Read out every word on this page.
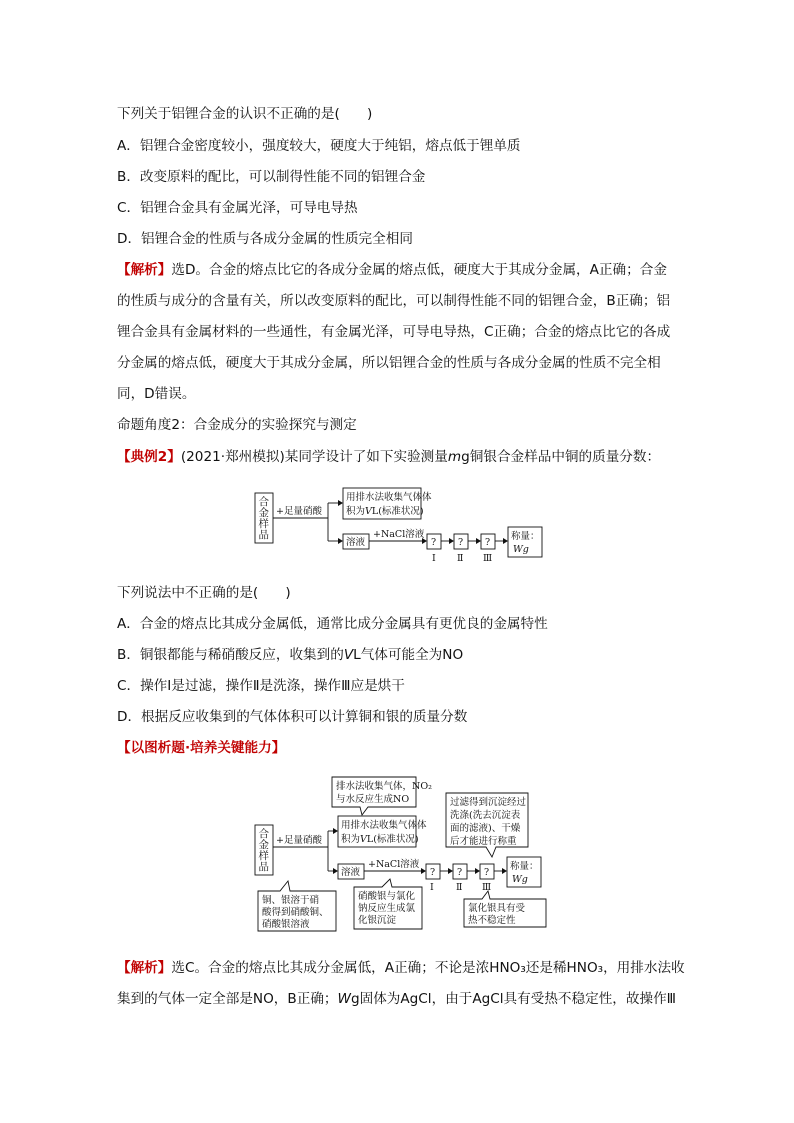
下列关于铝锂合金的认识不正确的是(　　)
A．铝锂合金密度较小，强度较大，硬度大于纯铝，熔点低于锂单质
B．改变原料的配比，可以制得性能不同的铝锂合金
C．铝锂合金具有金属光泽，可导电导热
D．铝锂合金的性质与各成分金属的性质完全相同
【解析】选D。合金的熔点比它的各成分金属的熔点低，硬度大于其成分金属，A正确；合金
的性质与成分的含量有关，所以改变原料的配比，可以制得性能不同的铝锂合金，B正确；铝
锂合金具有金属材料的一些通性，有金属光泽，可导电导热，C正确；合金的熔点比它的各成
分金属的熔点低，硬度大于其成分金属，所以铝锂合金的性质与各成分金属的性质不完全相
同，D错误。
命题角度2：合金成分的实验探究与测定
【典例2】(2021·郑州模拟)某同学设计了如下实验测量mg铜银合金样品中铜的质量分数：
合
金
样
品
+足量硝酸
用排水法收集气体体
积为VL(标准状况)
溶液
+NaCl溶液
?
Ⅰ
?
Ⅱ
?
Ⅲ
称量：
Wg
下列说法中不正确的是(　　)
A．合金的熔点比其成分金属低，通常比成分金属具有更优良的金属特性
B．铜银都能与稀硝酸反应，收集到的VL气体可能全为NO
C．操作Ⅰ是过滤，操作Ⅱ是洗涤，操作Ⅲ应是烘干
D．根据反应收集到的气体体积可以计算铜和银的质量分数
【以图析题·培养关键能力】
排水法收集气体，NO₂
与水反应生成NO	过滤得到沉淀经过
洗涤(洗去沉淀表
面的滤液)、干燥
后才能进行称重
合
金
样
品
+足量硝酸
用排水法收集气体体
积为VL(标准状况)
溶液
+NaCl溶液
?
Ⅰ
?
Ⅱ
?
Ⅲ
称量：
Wg
铜、银溶于硝
酸得到硝酸铜、
硝酸银溶液
硝酸银与氯化
钠反应生成氯
化银沉淀
氯化银具有受
热不稳定性
【解析】选C。合金的熔点比其成分金属低，A正确；不论是浓HNO₃还是稀HNO₃，用排水法收
集到的气体一定全部是NO，B正确；Wg固体为AgCl，由于AgCl具有受热不稳定性，故操作Ⅲ
